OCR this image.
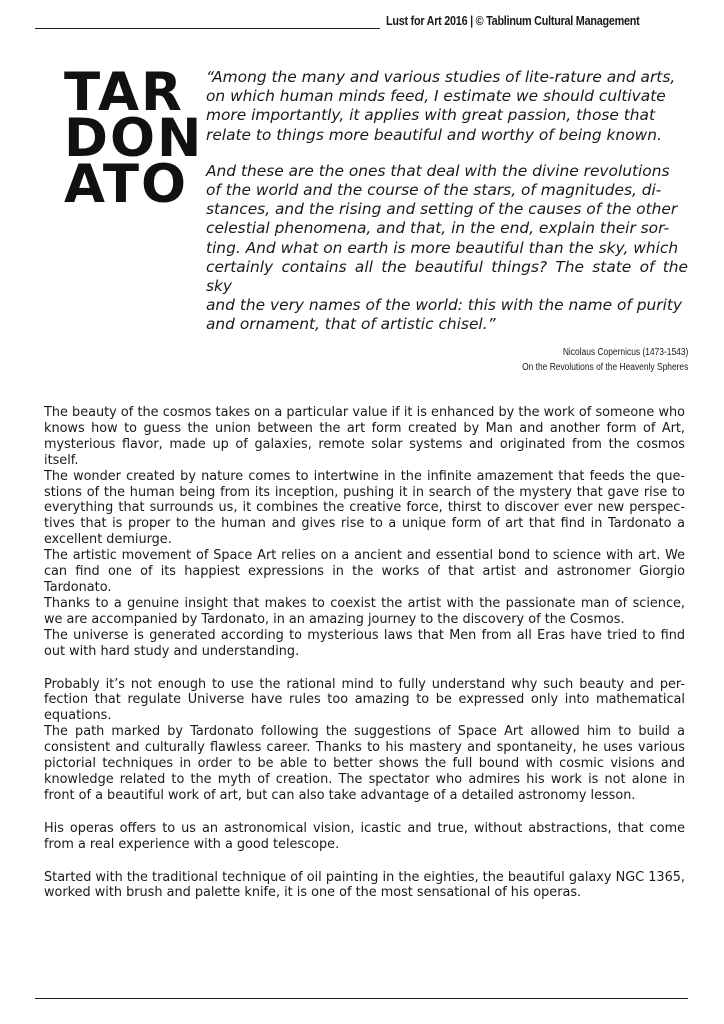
Lust for Art 2016 | © Tablinum Cultural Management
TAR
DON
ATO

“Among the many and various studies of lite-rature and arts,
on which human minds feed, I estimate we should cultivate
more importantly, it applies with great passion, those that
relate to things more beautiful and worthy of being known.

And these are the ones that deal with the divine revolutions
of the world and the course of the stars, of magnitudes, di-
stances, and the rising and setting of the causes of the other
celestial phenomena, and that, in the end, explain their sor-
ting. And what on earth is more beautiful than the sky, which
certainly contains all the beautiful things? The state of the sky
and the very names of the world: this with the name of purity
and ornament, that of artistic chisel.”

Nicolaus Copernicus (1473-1543)
On the Revolutions of the Heavenly Spheres

The beauty of the cosmos takes on a particular value if it is enhanced by the work of someone who knows how to guess the union between the art form created by Man and another form of Art, mysterious flavor, made up of galaxies, remote solar systems and originated from the cosmos itself.

The wonder created by nature comes to intertwine in the infinite amazement that feeds the que-stions of the human being from its inception, pushing it in search of the mystery that gave rise to everything that surrounds us, it combines the creative force, thirst to discover ever new perspec-tives that is proper to the human and gives rise to a unique form of art that find in Tardonato a excellent demiurge.

The artistic movement of Space Art relies on a ancient and essential bond to science with art. We can find one of its happiest expressions in the works of that artist and astronomer Giorgio Tardonato.

Thanks to a genuine insight that makes to coexist the artist with the passionate man of science, we are accompanied by Tardonato, in an amazing journey to the discovery of the Cosmos.

The universe is generated according to mysterious laws that Men from all Eras have tried to find out with hard study and understanding.

Probably it’s not enough to use the rational mind to fully understand why such beauty and per-fection that regulate Universe have rules too amazing to be expressed only into mathematical equations.

The path marked by Tardonato following the suggestions of Space Art allowed him to build a consistent and culturally flawless career. Thanks to his mastery and spontaneity, he uses various pictorial techniques in order to be able to better shows the full bound with cosmic visions and knowledge related to the myth of creation. The spectator who admires his work is not alone in front of a beautiful work of art, but can also take advantage of a detailed astronomy lesson.

His operas offers to us an astronomical vision, icastic and true, without abstractions, that come from a real experience with a good telescope.

Started with the traditional technique of oil painting in the eighties, the beautiful galaxy NGC 1365, worked with brush and palette knife, it is one of the most sensational of his operas.
